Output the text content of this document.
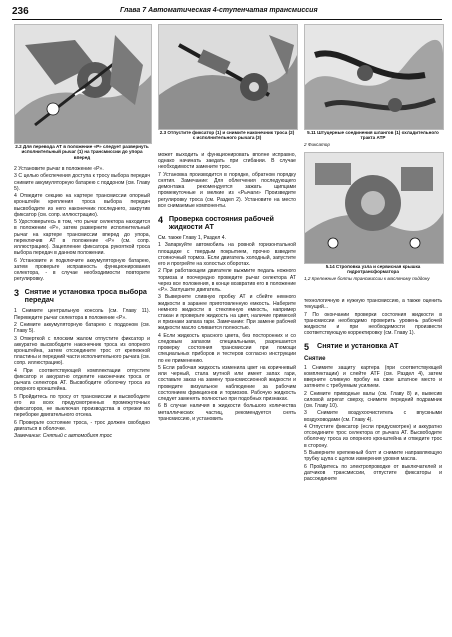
236	Глава 7 Автоматическая 4-ступенчатая трансмиссия
2.2 Для перевода АТ в положение «P» следует развернуть исполнительный рычаг (1) на трансмиссии до упора вперед
2.3 Отпустите фиксатор (1) и снимите наконечник троса (2) с исполнительного рычага (3)
5.11 Штуцерные соединения шлангов (1) охладительного тракта АТР
2 Фиксатор
5.14 Строповка узла и сервисная крышка гидротрансформатора
1,2 Крепежные болты трансмиссии к масляному поддону

2 Установите рычаг в положение «P».

3 С целью обеспечения доступа к тросу выбора передач снимите аккумуляторную батарею с поддоном (см. Главу 5).

4 Отведите секцию на картере трансмиссии опорный кронштейн крепления троса выбора передач высвободите из него наконечник последнего, закрутив фиксатор (см. сопр. иллюстрацию).

5 Удостоверьтесь в том, что рычаг селектора находится в положении «P», затем разверните исполнительный рычаг на картере трансмиссии вперед до упора, переключив АТ в положение «P» (см. сопр. иллюстрацию). Зацепление фиксатора рукояткой троса выбора передач в данном положении.

6 Установите и подключите аккумуляторную батарею, затем проверьте исправность функционирования селектора, - в случае необходимости повторите регулировку.

3 Снятие и установка троса выбора передач

1 Снимите центральную консоль (см. Главу 11). Переведите рычаг селектора в положение «P».

2 Снимите аккумуляторную батарею с поддоном (см. Главу 5).

3 Отверткой с плоским жалом отпустите фиксатор и аккуратно высвободите наконечник троса из опорного кронштейна, затем отсоедините трос от крепежной пластины и передний части исполнительного рычага (см. сопр. иллюстрацию).

4 При соответствующей комплектации отпустите фиксатор и аккуратно отделите наконечник троса от рычага селектора АТ. Высвободите оболочку троса из опорного кронштейна.

5 Пройдитесь по тросу от трансмиссии и высвободите его из всех предусмотренных промежуточных фиксаторов, не выключая производства в отрезки по переборке двигательного отсека.

6 Проверьте состояние троса, - трос должен свободно двигаться в оболочке.

Замечание: Снятый с автомобиля трос

может выходить и функционировать вполне исправно, однако начинать заедать при сгибании. В случае необходимости замените трос.

7 Установка производится в порядке, обратном порядку снятия. Замечание: Для облегчения последующего демонтажа рекомендуется зажать щипцами промежуточные и мелкие из «Рычаги» Произведите регулировку троса (см. Раздел 2). Установите на место все снимаемые компоненты.

4 Проверка состояния рабочей жидкости АТ

См. также Главу 1, Раздел 4.

1 Запаркуйте автомобиль на ровной горизонтальной площадке с твердым покрытием, прочно взведите стояночный тормоз. Если двигатель холодный, запустите его и прогрейте на холостых оборотах.

2 При работающем двигателе выжмите педаль ножного тормоза и поочередно проведите рычаг селектора АТ через все положения, в конце возвратив его в положение «P». Заглушите двигатель.

3 Выверните сливную пробку АТ и сбейте немного жидкости в заранее приготовленную емкость. Наберите немного жидкости в стеклянную емкость, например стакан и проверьте жидкость на цвет, наличие примесей и признаки запаха гари. Замечание: При замене рабочей жидкости масло сливается полностью.

4 Если жидкость красного цвета, без посторонних и со следовым запахом специальными, разрешается проверку состояния трансмиссии при помощи специальных приборов и тестеров согласно инструкции по ее применению.

5 Если рабочая жидкость изменила цвет на коричневый или черный, стала мутной или имеет запах гари, составьте заказ на замену трансмиссионной жидкости и проведите визуальное наблюдение за рабочим состоянием фрикционов и тормозов. Рабочую жидкость следует заменять полностью при подобных признаках.

6 В случае наличия в жидкости большого количества металлических частиц, рекомендуется снять трансмиссию, и установить

технологичную и нужную трансмиссию, а также оценить текущий...

7 По окончании проверки состояния жидкости в трансмиссии необходимо проверить уровень рабочей жидкости и при необходимости произвести соответствующую корректировку (см. Главу 1).

5	Снятие и установка АТ
Снятие

1 Снимите защиту картера (при соответствующей комплектации) и слейте АТF (см. Раздел 4), затем вверните сливную пробку на свое штатное место и затяните с требуемым усилием.

2 Снимите приводные валы (см. Главу 8) и, вывесив силовой агрегат сверху, снимите передний подрамник (см. Главу 10).

3 Снимите воздухоочиститель с впускными воздуховодами (см. Главу 4).

4 Отпустите фиксатор (если предусмотрен) и аккуратно отсоедините трос селектора от рычага АТ. Высвободите оболочку троса из опорного кронштейна и отведите трос в сторону.

5 Выверните крепежный болт и снимите направляющую трубку щупа с щупом измерения уровня масла.

6 Пройдитесь по электропроводке от выключателей и датчиков трансмиссии, отпустите фиксаторы и рассоедините
